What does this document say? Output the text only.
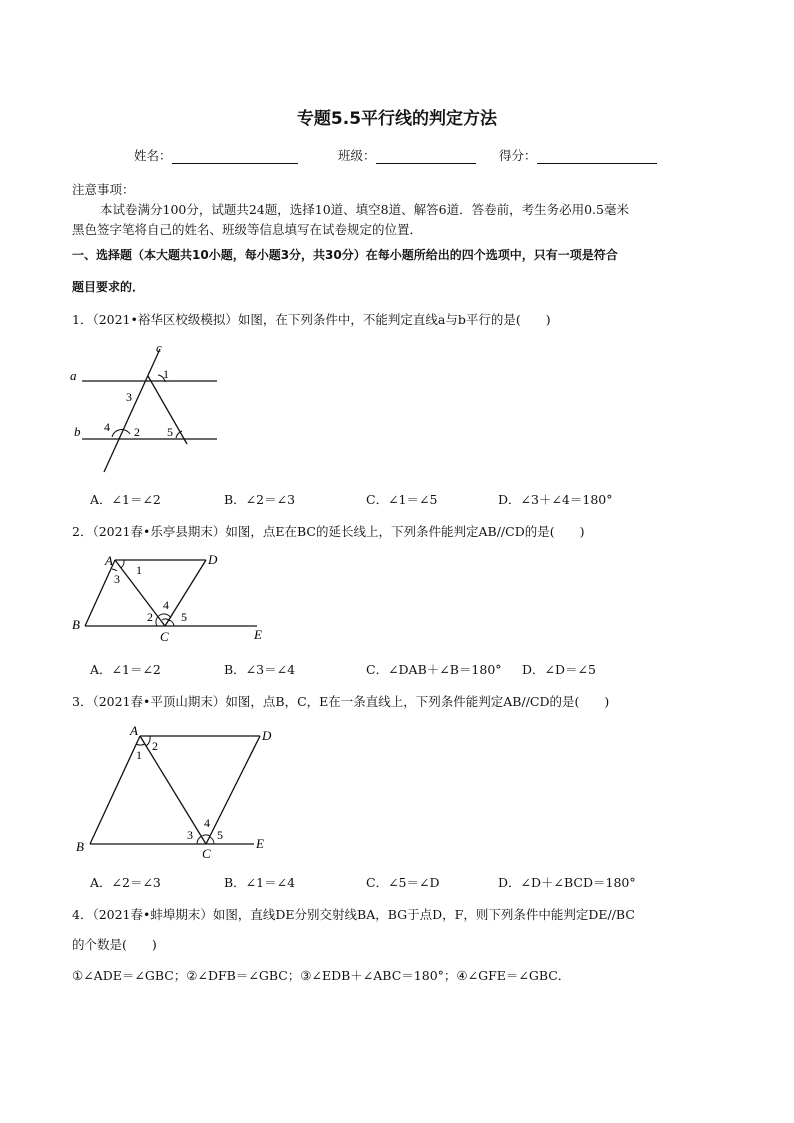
专题5.5平行线的判定方法
姓名：	班级：	得分：
注意事项：
本试卷满分100分，试题共24题，选择10道、填空8道、解答6道．答卷前，考生务必用0.5毫米
黑色签字笔将自己的姓名、班级等信息填写在试卷规定的位置．
一、选择题（本大题共10小题，每小题3分，共30分）在每小题所给出的四个选项中，只有一项是符合
题目要求的．
1．（2021•裕华区校级模拟）如图，在下列条件中，不能判定直线a与b平行的是(　　)
a
b
c
1
2
3
4	5
A．∠1＝∠2	B．∠2＝∠3	C．∠1＝∠5	D．∠3＋∠4＝180°
2．（2021春•乐亭县期末）如图，点E在BC的延长线上，下列条件能判定AB//CD的是(　　)
A	D
B
C	E
1
2
3
4
5
A．∠1＝∠2	B．∠3＝∠4	C．∠DAB＋∠B＝180° D．∠D＝∠5
3．（2021春•平顶山期末）如图，点B，C，E在一条直线上，下列条件能判定AB//CD的是(　　)
A	D
B	C
E
1
2
3
4
5
A．∠2＝∠3	B．∠1＝∠4	C．∠5＝∠D	D．∠D＋∠BCD＝180°
4．（2021春•蚌埠期末）如图，直线DE分别交射线BA，BG于点D，F，则下列条件中能判定DE//BC
的个数是(　　)
①∠ADE＝∠GBC；②∠DFB＝∠GBC；③∠EDB＋∠ABC＝180°；④∠GFE＝∠GBC．
